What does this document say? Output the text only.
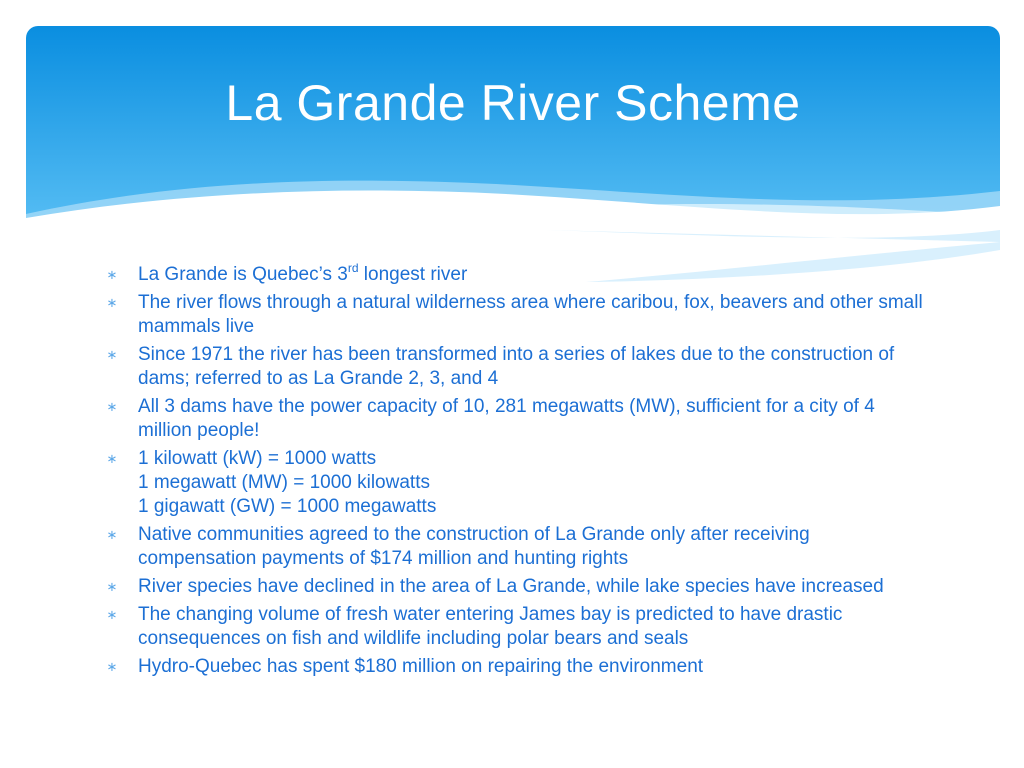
La Grande River Scheme
∗ La Grande is Quebec’s 3rd longest river
∗ The river flows through a natural wilderness area where caribou, fox, beavers and other small mammals live
∗ Since 1971 the river has been transformed into a series of lakes due to the construction of dams; referred to as La Grande 2, 3, and 4
∗ All 3 dams have the power capacity of 10, 281 megawatts (MW), sufficient for a city of 4 million people!
∗ 1 kilowatt (kW) = 1000 watts
1 megawatt (MW) = 1000 kilowatts
1 gigawatt (GW) = 1000 megawatts
∗ Native communities agreed to the construction of La Grande only after receiving compensation payments of $174 million and hunting rights
∗ River species have declined in the area of La Grande, while lake species have increased
∗ The changing volume of fresh water entering James bay is predicted to have drastic consequences on fish and wildlife including polar bears and seals
∗ Hydro-Quebec has spent $180 million on repairing the environment
